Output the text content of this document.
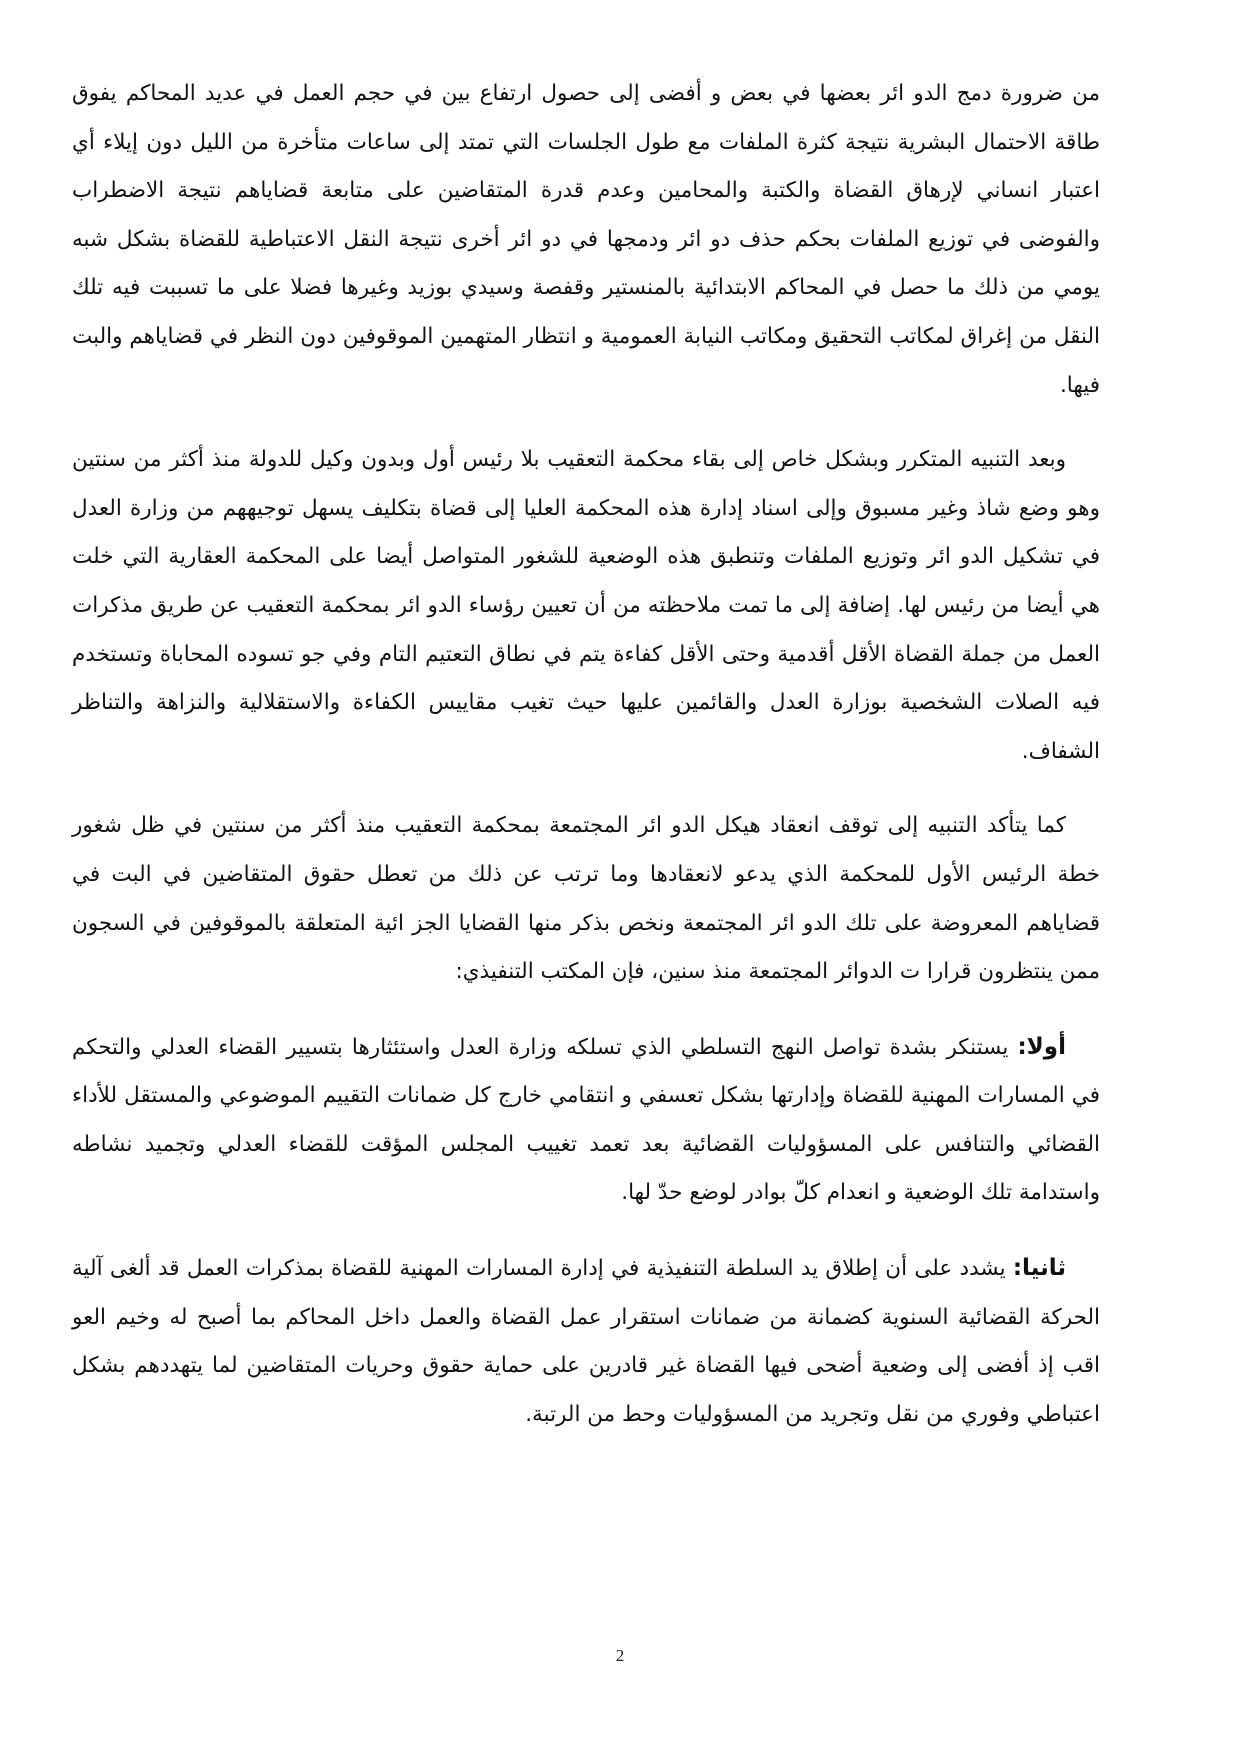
من ضرورة دمج الدو ائر بعضها في بعض و أفضى إلى حصول ارتفاع بين في حجم العمل في عديد المحاكم يفوق طاقة الاحتمال البشرية نتيجة كثرة الملفات مع طول الجلسات التي تمتد إلى ساعات متأخرة من الليل دون إيلاء أي اعتبار انساني لإرهاق القضاة والكتبة والمحامين وعدم قدرة المتقاضين على متابعة قضاياهم نتيجة الاضطراب والفوضى في توزيع الملفات بحكم حذف دو ائر ودمجها في دو ائر أخرى نتيجة النقل الاعتباطية للقضاة بشكل شبه يومي من ذلك ما حصل في المحاكم الابتدائية بالمنستير وقفصة وسيدي بوزيد وغيرها فضلا على ما تسببت فيه تلك النقل من إغراق لمكاتب التحقيق ومكاتب النيابة العمومية و انتظار المتهمين الموقوفين دون النظر في قضاياهم والبت فيها.

وبعد التنبيه المتكرر وبشكل خاص إلى بقاء محكمة التعقيب بلا رئيس أول وبدون وكيل للدولة منذ أكثر من سنتين وهو وضع شاذ وغير مسبوق وإلى اسناد إدارة هذه المحكمة العليا إلى قضاة بتكليف يسهل توجيههم من وزارة العدل في تشكيل الدو ائر وتوزيع الملفات وتنطبق هذه الوضعية للشغور المتواصل أيضا على المحكمة العقارية التي خلت هي أيضا من رئيس لها. إضافة إلى ما تمت ملاحظته من أن تعيين رؤساء الدو ائر بمحكمة التعقيب عن طريق مذكرات العمل من جملة القضاة الأقل أقدمية وحتى الأقل كفاءة يتم في نطاق التعتيم التام وفي جو تسوده المحاباة وتستخدم فيه الصلات الشخصية بوزارة العدل والقائمين عليها حيث تغيب مقاييس الكفاءة والاستقلالية والنزاهة والتناظر الشفاف.

كما يتأكد التنبيه إلى توقف انعقاد هيكل الدو ائر المجتمعة بمحكمة التعقيب منذ أكثر من سنتين في ظل شغور خطة الرئيس الأول للمحكمة الذي يدعو لانعقادها وما ترتب عن ذلك من تعطل حقوق المتقاضين في البت في قضاياهم المعروضة على تلك الدو ائر المجتمعة ونخص بذكر منها القضايا الجز ائية المتعلقة بالموقوفين في السجون ممن ينتظرون قرارا ت الدوائر المجتمعة منذ سنين، فإن المكتب التنفيذي:

أولا: يستنكر بشدة تواصل النهج التسلطي الذي تسلكه وزارة العدل واستئثارها بتسيير القضاء العدلي والتحكم في المسارات المهنية للقضاة وإدارتها بشكل تعسفي و انتقامي خارج كل ضمانات التقييم الموضوعي والمستقل للأداء القضائي والتنافس على المسؤوليات القضائية بعد تعمد تغييب المجلس المؤقت للقضاء العدلي وتجميد نشاطه واستدامة تلك الوضعية و انعدام كلّ بوادر لوضع حدّ لها.

ثانيا: يشدد على أن إطلاق يد السلطة التنفيذية في إدارة المسارات المهنية للقضاة بمذكرات العمل قد ألغى آلية الحركة القضائية السنوية كضمانة من ضمانات استقرار عمل القضاة والعمل داخل المحاكم بما أصبح له وخيم العو اقب إذ أفضى إلى وضعية أضحى فيها القضاة غير قادرين على حماية حقوق وحريات المتقاضين لما يتهددهم بشكل اعتباطي وفوري من نقل وتجريد من المسؤوليات وحط من الرتبة.

2
